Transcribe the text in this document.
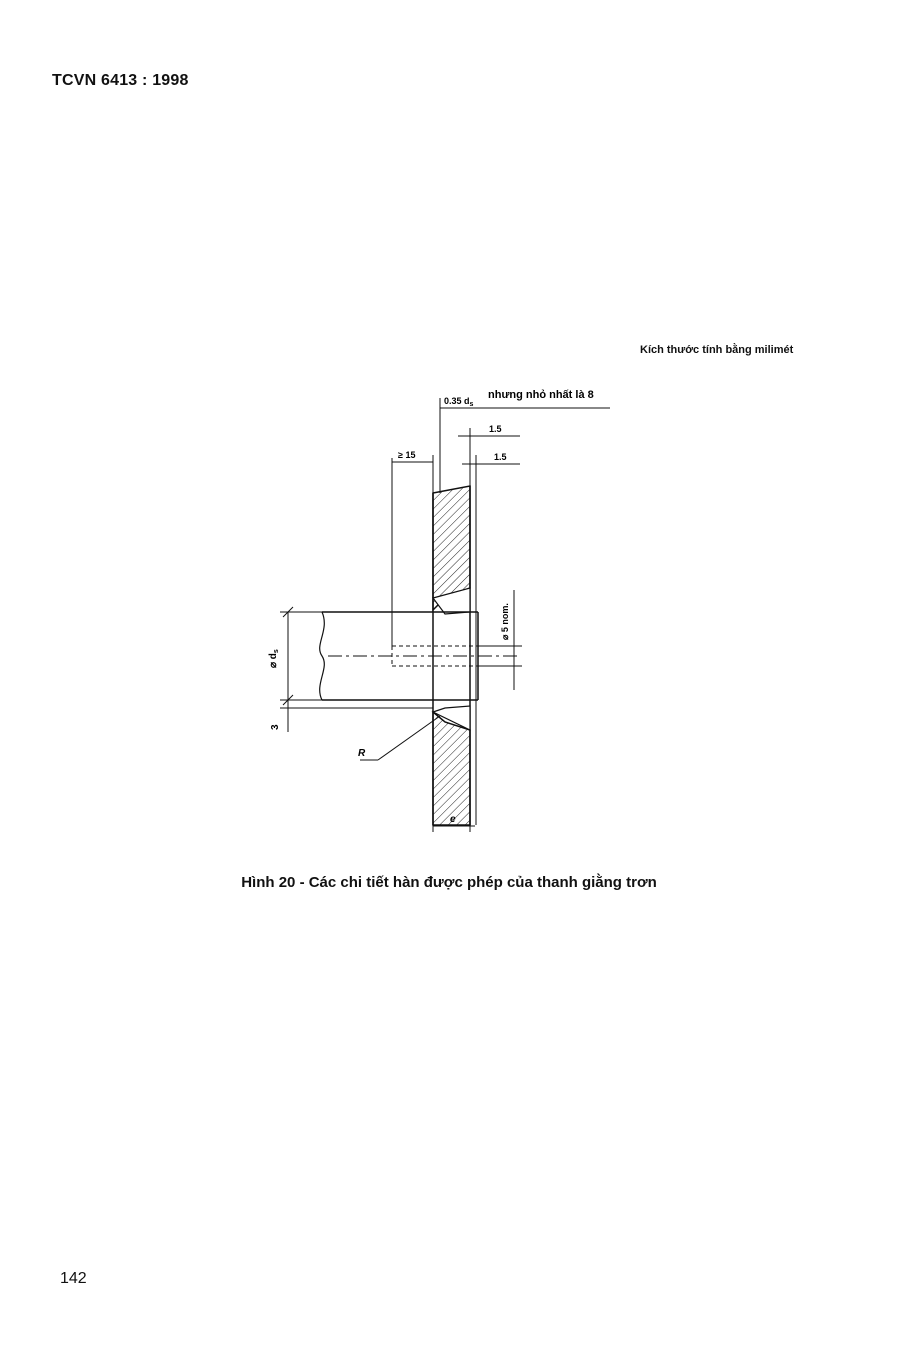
TCVN 6413 : 1998
Kích thước tính bằng milimét
⌀ $d_s$
3
≥ 15
0.35 $d_s$
nhưng nhỏ nhất là 8
1.5
1.5
⌀ 5 nom.
R
e
Hình 20 - Các chi tiết hàn được phép của thanh giằng trơn
142
